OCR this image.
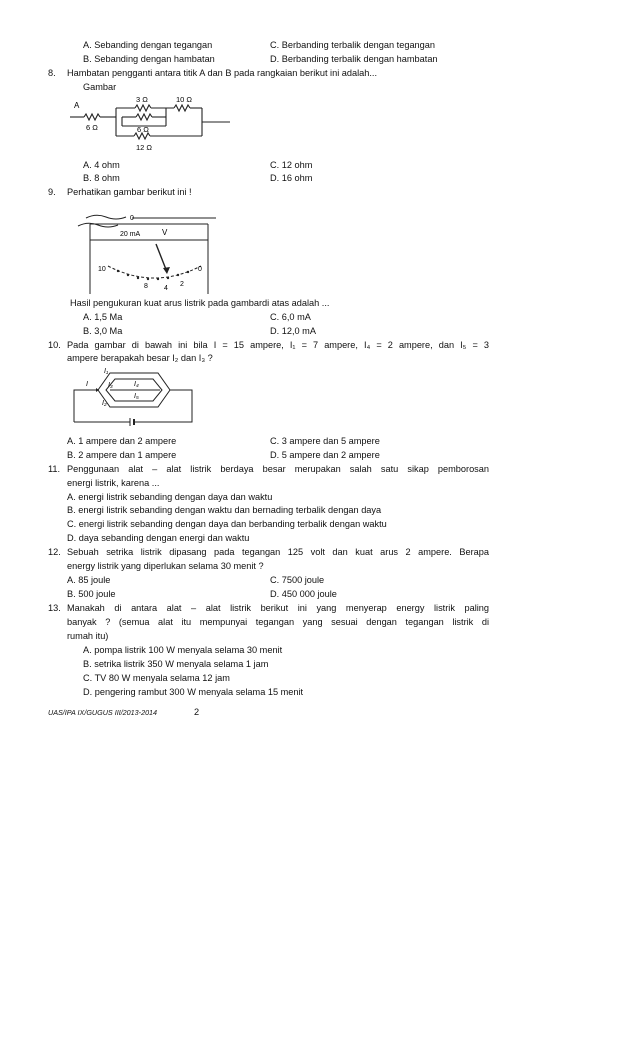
A. Sebanding dengan tegangan	C. Berbanding terbalik dengan tegangan
B. Sebanding dengan hambatan	D. Berbanding terbalik dengan hambatan
8. Hambatan pengganti antara titik A dan B pada rangkaian berikut ini adalah...
Gambar
A
6 Ω
3 Ω	10 Ω
6 Ω
12 Ω
A. 4 ohm	C. 12 ohm
B. 8 ohm	D. 16 ohm
9. Perhatikan gambar berikut ini !
0
20 mA	V
10	0
8	2
4
Hasil pengukuran kuat arus listrik pada gambardi atas adalah ...
A. 1,5 Ma	C. 6,0 mA
B. 3,0 Ma	D. 12,0 mA
10. Pada gambar di bawah ini bila I = 15 ampere, I₁ = 7 ampere, I₄ = 2 ampere, dan I₅ = 3
ampere berapakah besar I₂ dan I₃ ?
I
I₁
I₃	I₄
I₅
I₂
A. 1 ampere dan 2 ampere	C. 3 ampere dan 5 ampere
B. 2 ampere dan 1 ampere	D. 5 ampere dan 2 ampere
11. Penggunaan alat – alat listrik berdaya besar merupakan salah satu sikap pemborosan
energi listrik, karena ...
A. energi listrik sebanding dengan daya dan waktu
B. energi listrik sebanding dengan waktu dan bernading terbalik dengan daya
C. energi listrik sebanding dengan daya dan berbanding terbalik dengan waktu
D. daya sebanding dengan energi dan waktu
12. Sebuah setrika listrik dipasang pada tegangan 125 volt dan kuat arus 2 ampere. Berapa
energy listrik yang diperlukan selama 30 menit ?
A. 85 joule	C. 7500 joule
B. 500 joule	D. 450 000 joule
13. Manakah di antara alat – alat listrik berikut ini yang menyerap energy listrik paling
banyak ? (semua alat itu mempunyai tegangan yang sesuai dengan tegangan listrik di
rumah itu)
A. pompa listrik 100 W menyala selama 30 menit
B. setrika listrik 350 W menyala selama 1 jam
C. TV 80 W menyala selama 12 jam
D. pengering rambut 300 W menyala selama 15 menit
UAS/IPA IX/GUGUS III/2013-2014	2
